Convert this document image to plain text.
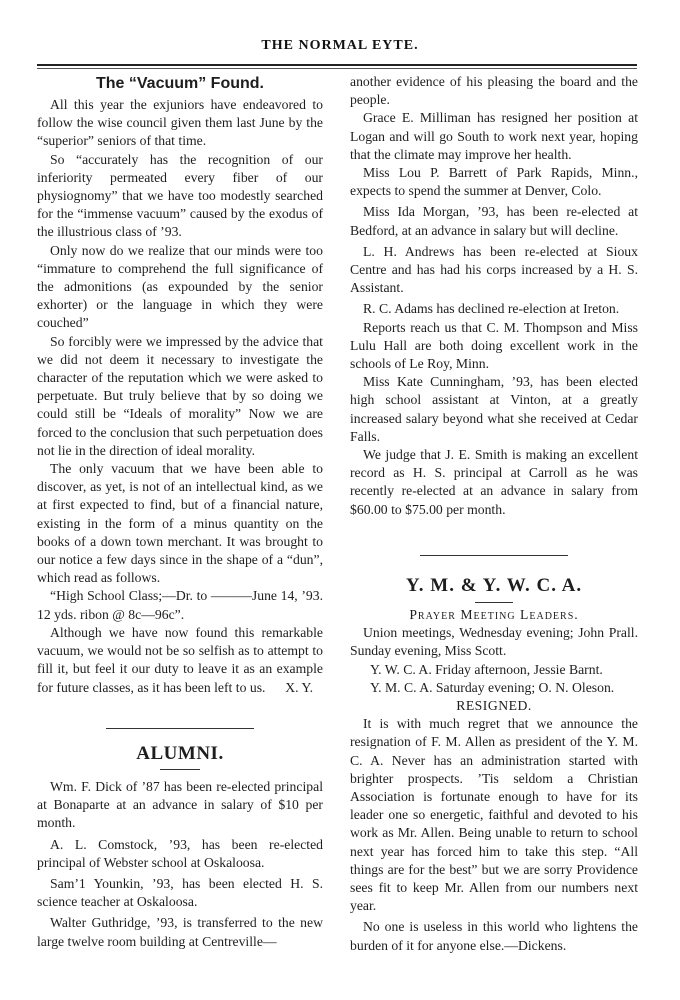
THE NORMAL EYTE.
The “Vacuum” Found.

All this year the exjuniors have endeavored to follow the wise council given them last June by the “superior” seniors of that time.

So “accurately has the recognition of our inferiority permeated every fiber of our physiognomy” that we have too modestly searched for the “immense vacuum” caused by the exodus of the illustrious class of ’93.

Only now do we realize that our minds were too “immature to comprehend the full significance of the admonitions (as expounded by the senior exhorter) or the language in which they were couched”

So forcibly were we impressed by the advice that we did not deem it necessary to investigate the character of the reputation which we were asked to perpetuate. But truly believe that by so doing we could still be “Ideals of morality” Now we are forced to the conclusion that such perpetuation does not lie in the direction of ideal morality.

The only vacuum that we have been able to discover, as yet, is not of an intellectual kind, as we at first expected to find, but of a financial nature, existing in the form of a minus quantity on the books of a down town merchant. It was brought to our notice a few days since in the shape of a “dun”, which read as follows.

“High School Class;—Dr. to ———June 14, ’93. 12 yds. ribon @ 8c—96c”.

Although we have now found this remarkable vacuum, we would not be so selfish as to attempt to fill it, but feel it our duty to leave it as an example for future classes, as it has been left to us.	X. Y.

ALUMNI.

Wm. F. Dick of ’87 has been re-elected principal at Bonaparte at an advance in salary of $10 per month.

A. L. Comstock, ’93, has been re-elected principal of Webster school at Oskaloosa.

Sam’1 Younkin, ’93, has been elected H. S. science teacher at Oskaloosa.

Walter Guthridge, ’93, is transferred to the new large twelve room building at Centreville—

another evidence of his pleasing the board and the people.

Grace E. Milliman has resigned her position at Logan and will go South to work next year, hoping that the climate may improve her health.

Miss Lou P. Barrett of Park Rapids, Minn., expects to spend the summer at Denver, Colo.

Miss Ida Morgan, ’93, has been re-elected at Bedford, at an advance in salary but will decline.

L. H. Andrews has been re-elected at Sioux Centre and has had his corps increased by a H. S. Assistant.

R. C. Adams has declined re-election at Ireton.

Reports reach us that C. M. Thompson and Miss Lulu Hall are both doing excellent work in the schools of Le Roy, Minn.

Miss Kate Cunningham, ’93, has been elected high school assistant at Vinton, at a greatly increased salary beyond what she received at Cedar Falls.

We judge that J. E. Smith is making an excellent record as H. S. principal at Carroll as he was recently re-elected at an advance in salary from $60.00 to $75.00 per month.

Y. M. & Y. W. C. A.

Prayer Meeting Leaders.

Union meetings, Wednesday evening; John Prall. Sunday evening, Miss Scott.

Y. W. C. A. Friday afternoon, Jessie Barnt.

Y. M. C. A. Saturday evening; O. N. Oleson.

RESIGNED.

It is with much regret that we announce the resignation of F. M. Allen as president of the Y. M. C. A. Never has an administration started with brighter prospects. ’Tis seldom a Christian Association is fortunate enough to have for its leader one so energetic, faithful and devoted to his work as Mr. Allen. Being unable to return to school next year has forced him to take this step. “All things are for the best” but we are sorry Providence sees fit to keep Mr. Allen from our numbers next year.

No one is useless in this world who lightens the burden of it for anyone else.—Dickens.
